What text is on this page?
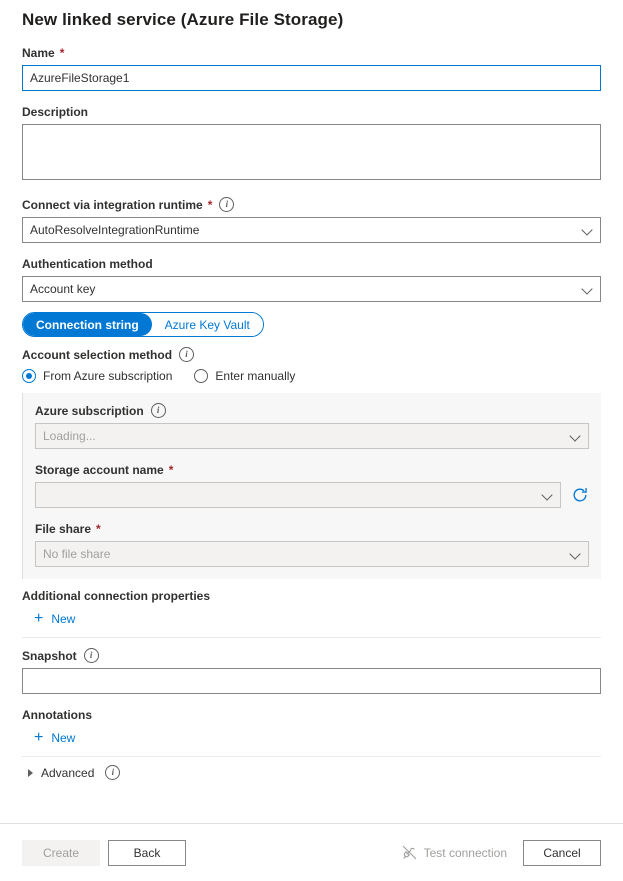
New linked service (Azure File Storage)
Name *
AzureFileStorage1
Description
Connect via integration runtime *	i
AutoResolveIntegrationRuntime
Authentication method
Account key
Connection string	Azure Key Vault
Account selection method	i
From Azure subscription	Enter manually
Azure subscription	i
Loading...
Storage account name *
File share *
No file share
Additional connection properties
+ New
Snapshot	i
Annotations
+ New
Advanced	i
Create	Back	Test connection	Cancel
